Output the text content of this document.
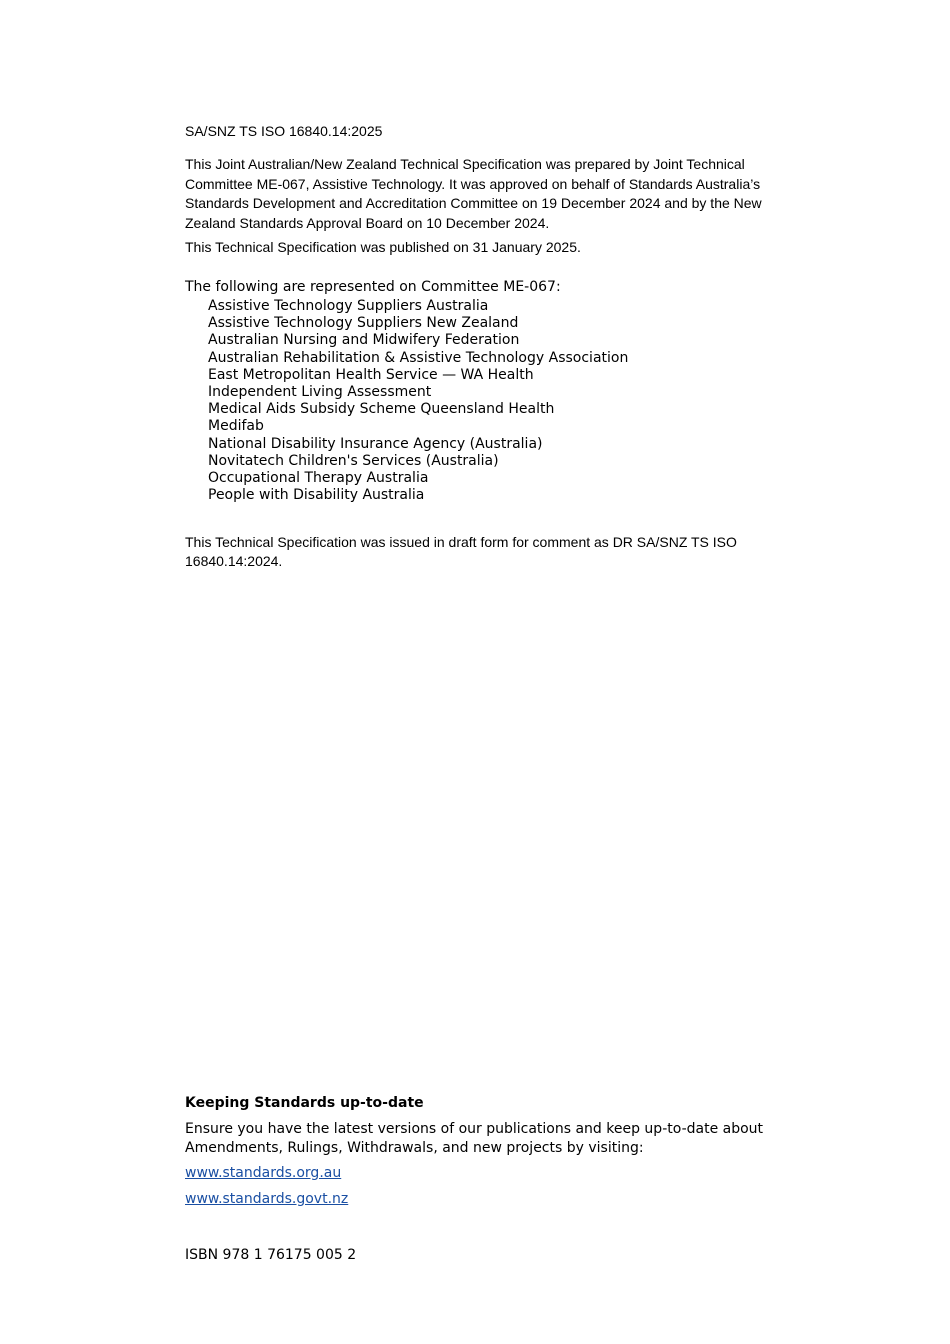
SA/SNZ TS ISO 16840.14:2025
This Joint Australian/New Zealand Technical Specification was prepared by Joint Technical Committee ME-067, Assistive Technology. It was approved on behalf of Standards Australia’s Standards Development and Accreditation Committee on 19 December 2024 and by the New Zealand Standards Approval Board on 10 December 2024.
This Technical Specification was published on 31 January 2025.
The following are represented on Committee ME-067:
Assistive Technology Suppliers Australia
Assistive Technology Suppliers New Zealand
Australian Nursing and Midwifery Federation
Australian Rehabilitation & Assistive Technology Association
East Metropolitan Health Service — WA Health
Independent Living Assessment
Medical Aids Subsidy Scheme Queensland Health
Medifab
National Disability Insurance Agency (Australia)
Novitatech Children's Services (Australia)
Occupational Therapy Australia
People with Disability Australia
This Technical Specification was issued in draft form for comment as DR SA/SNZ TS ISO 16840.14:2024.
Keeping Standards up-to-date
Ensure you have the latest versions of our publications and keep up-to-date about Amendments, Rulings, Withdrawals, and new projects by visiting:
www.standards.org.au
www.standards.govt.nz
ISBN 978 1 76175 005 2
